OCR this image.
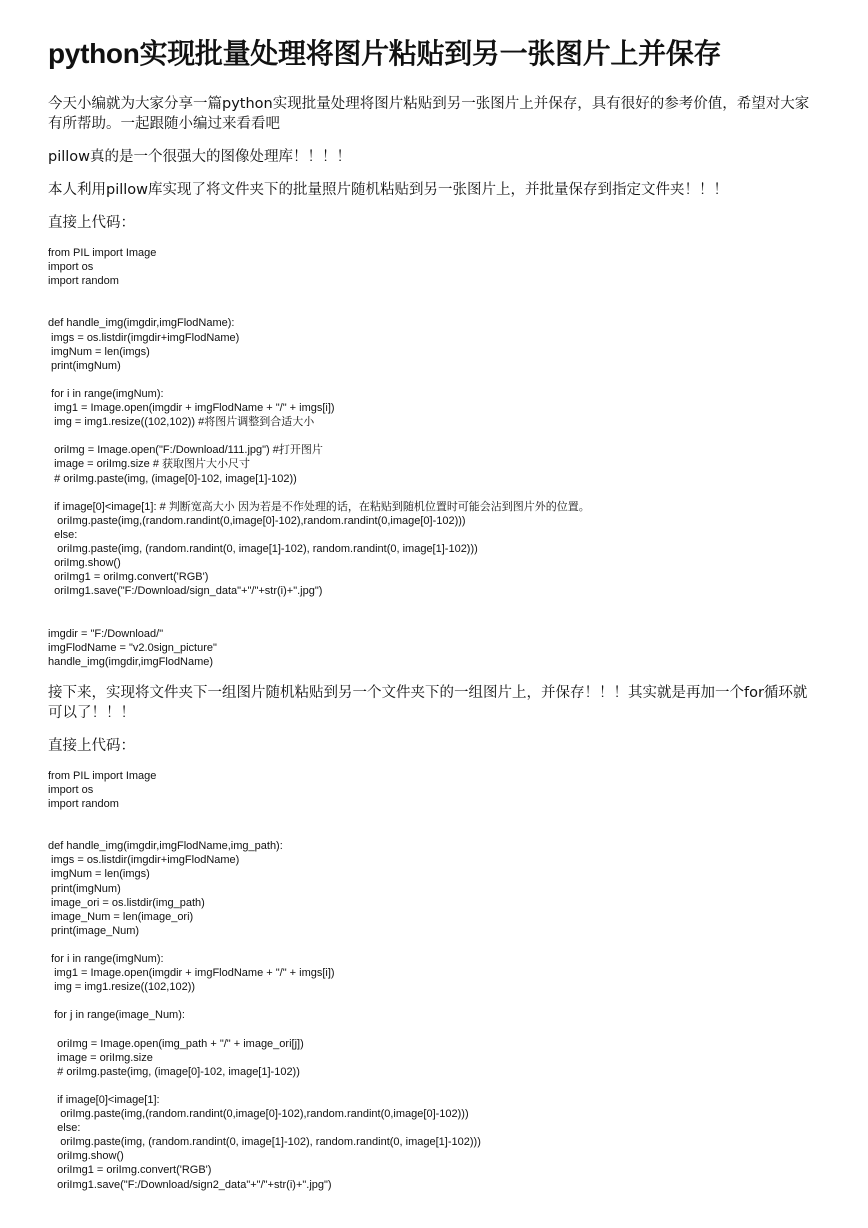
python实现批量处理将图片粘贴到另一张图片上并保存

今天小编就为大家分享一篇python实现批量处理将图片粘贴到另一张图片上并保存，具有很好的参考价值，希望对大家有所帮助。一起跟随小编过来看看吧

pillow真的是一个很强大的图像处理库！！！！

本人利用pillow库实现了将文件夹下的批量照片随机粘贴到另一张图片上，并批量保存到指定文件夹！！！

直接上代码：

from PIL import Image
import os
import random

def handle_img(imgdir,imgFlodName):
imgs = os.listdir(imgdir+imgFlodName)
imgNum = len(imgs)
print(imgNum)

for i in range(imgNum):
img1 = Image.open(imgdir + imgFlodName + "/" + imgs[i])
img = img1.resize((102,102)) #将图片调整到合适大小

oriImg = Image.open("F:/Download/111.jpg") #打开图片
image = oriImg.size # 获取图片大小尺寸
# oriImg.paste(img, (image[0]-102, image[1]-102))

if image[0]<image[1]: # 判断宽高大小 因为若是不作处理的话，在粘贴到随机位置时可能会沾到图片外的位置。
oriImg.paste(img,(random.randint(0,image[0]-102),random.randint(0,image[0]-102)))
else:
oriImg.paste(img, (random.randint(0, image[1]-102), random.randint(0, image[1]-102)))
oriImg.show()
oriImg1 = oriImg.convert('RGB')
oriImg1.save("F:/Download/sign_data"+"/"+str(i)+".jpg")

imgdir = "F:/Download/"
imgFlodName = "v2.0sign_picture"
handle_img(imgdir,imgFlodName)

接下来，实现将文件夹下一组图片随机粘贴到另一个文件夹下的一组图片上，并保存！！！其实就是再加一个for循环就可以了！！！

直接上代码：

from PIL import Image
import os
import random

def handle_img(imgdir,imgFlodName,img_path):
imgs = os.listdir(imgdir+imgFlodName)
imgNum = len(imgs)
print(imgNum)
image_ori = os.listdir(img_path)
image_Num = len(image_ori)
print(image_Num)

for i in range(imgNum):
img1 = Image.open(imgdir + imgFlodName + "/" + imgs[i])
img = img1.resize((102,102))

for j in range(image_Num):

oriImg = Image.open(img_path + "/" + image_ori[j])
image = oriImg.size
# oriImg.paste(img, (image[0]-102, image[1]-102))

if image[0]<image[1]:
oriImg.paste(img,(random.randint(0,image[0]-102),random.randint(0,image[0]-102)))
else:
oriImg.paste(img, (random.randint(0, image[1]-102), random.randint(0, image[1]-102)))
oriImg.show()
oriImg1 = oriImg.convert('RGB')
oriImg1.save("F:/Download/sign2_data"+"/"+str(i)+".jpg")
